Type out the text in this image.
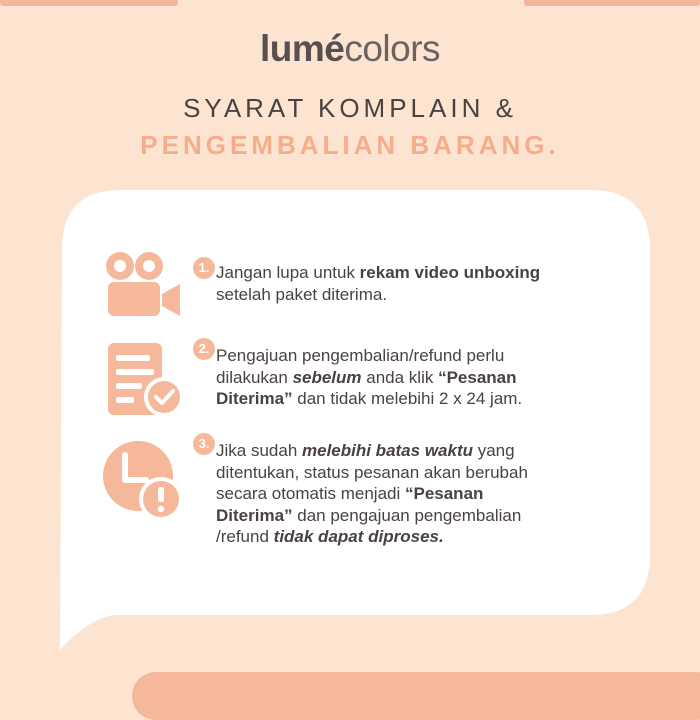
lumécolors
SYARAT KOMPLAIN &
PENGEMBALIAN BARANG.
1. Jangan lupa untuk rekam video unboxing
setelah paket diterima.
2. Pengajuan pengembalian/refund perlu
dilakukan sebelum anda klik “Pesanan
Diterima” dan tidak melebihi 2 x 24 jam.
3. Jika sudah melebihi batas waktu yang
ditentukan, status pesanan akan berubah
secara otomatis menjadi “Pesanan
Diterima” dan pengajuan pengembalian
/refund tidak dapat diproses.
